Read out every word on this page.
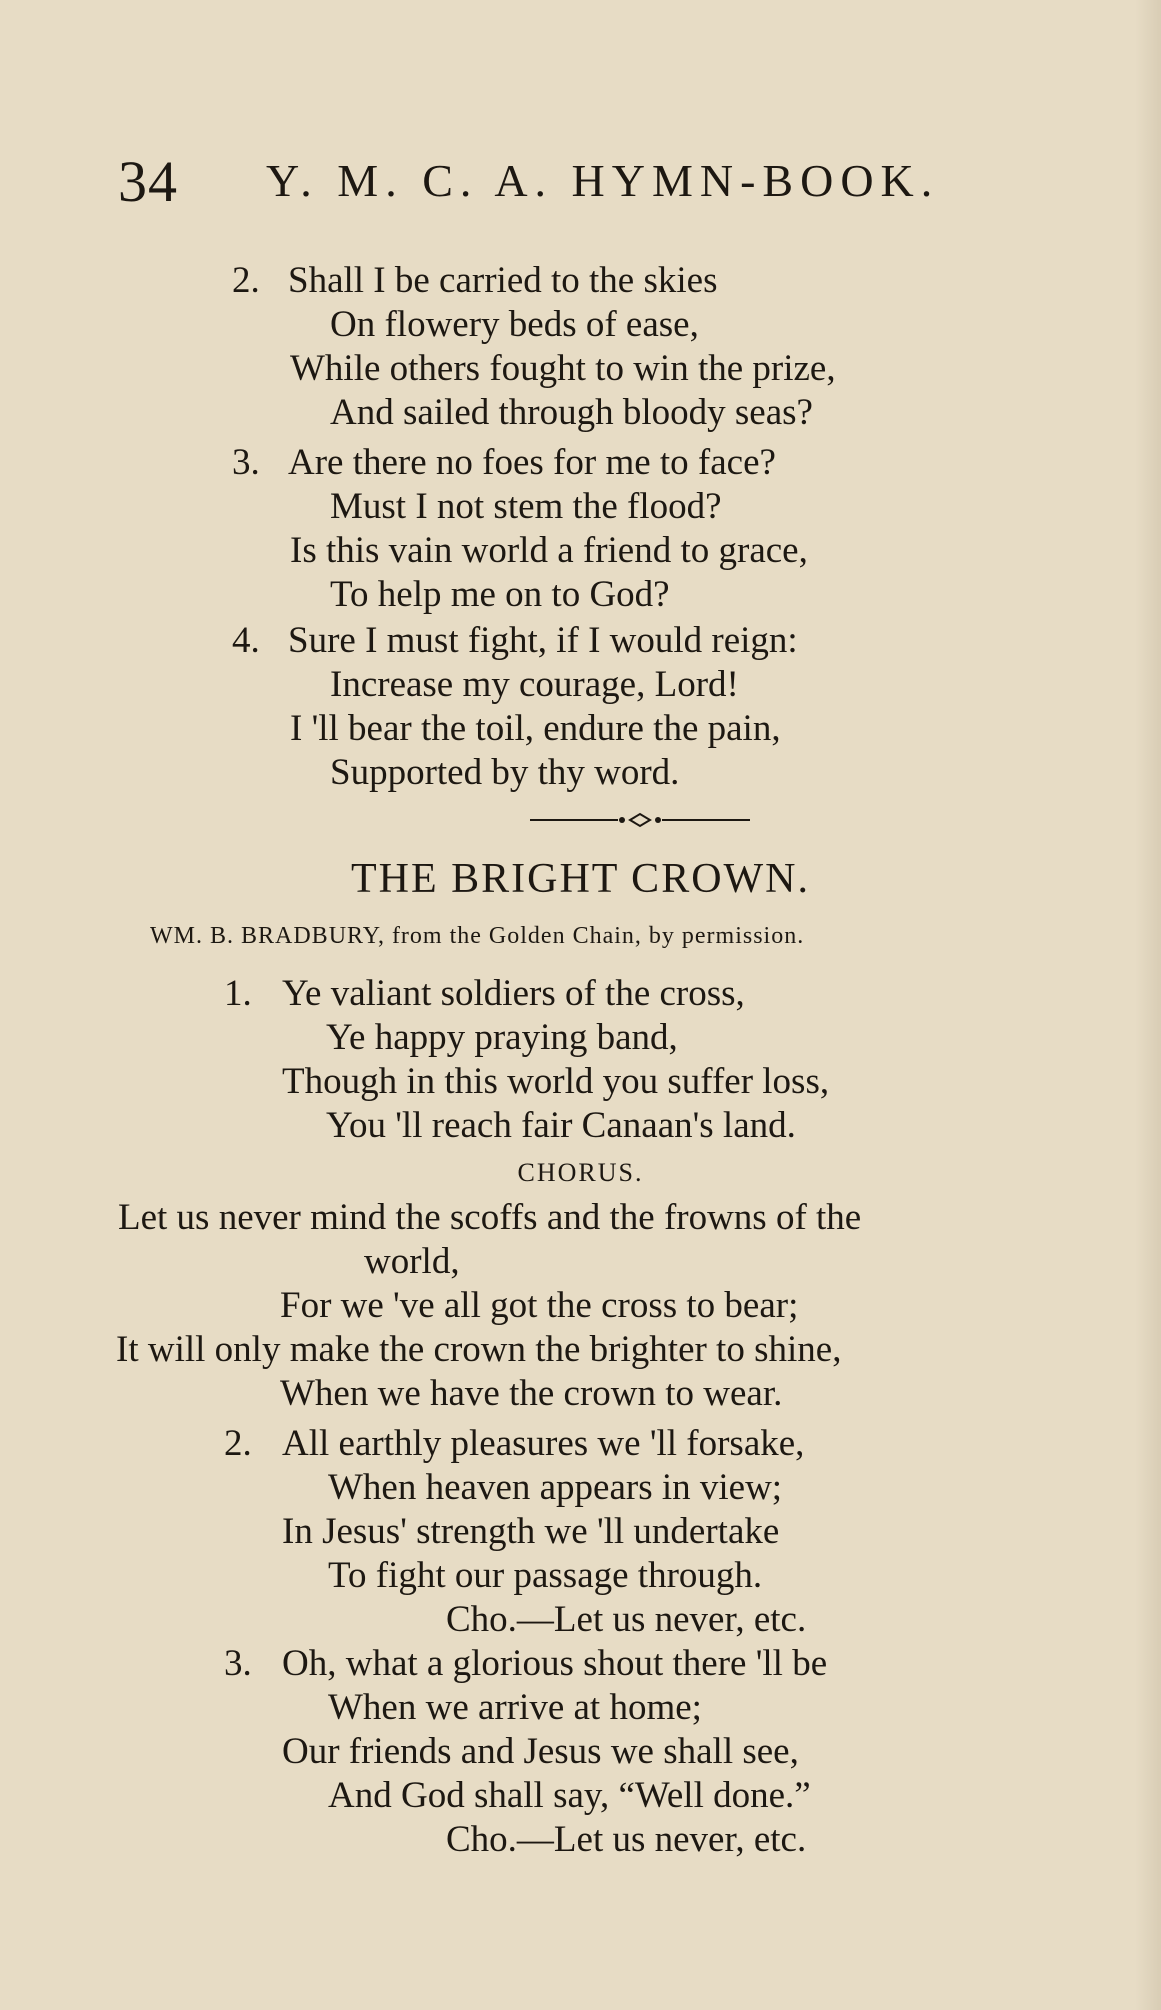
34 Y. M. C. A. HYMN-BOOK.
2. Shall I be carried to the skies
On flowery beds of ease,
While others fought to win the prize,
And sailed through bloody seas?
3. Are there no foes for me to face?
Must I not stem the flood?
Is this vain world a friend to grace,
To help me on to God?
4. Sure I must fight, if I would reign:
Increase my courage, Lord!
I 'll bear the toil, endure the pain,
Supported by thy word.
THE BRIGHT CROWN.
WM. B. BRADBURY, from the Golden Chain, by permission.
1. Ye valiant soldiers of the cross,
Ye happy praying band,
Though in this world you suffer loss,
You 'll reach fair Canaan's land.
CHORUS.
Let us never mind the scoffs and the frowns of the
world,
For we 've all got the cross to bear;
It will only make the crown the brighter to shine,
When we have the crown to wear.
2. All earthly pleasures we 'll forsake,
When heaven appears in view;
In Jesus' strength we 'll undertake
To fight our passage through.
Cho.—Let us never, etc.
3. Oh, what a glorious shout there 'll be
When we arrive at home;
Our friends and Jesus we shall see,
And God shall say, “Well done.”
Cho.—Let us never, etc.
